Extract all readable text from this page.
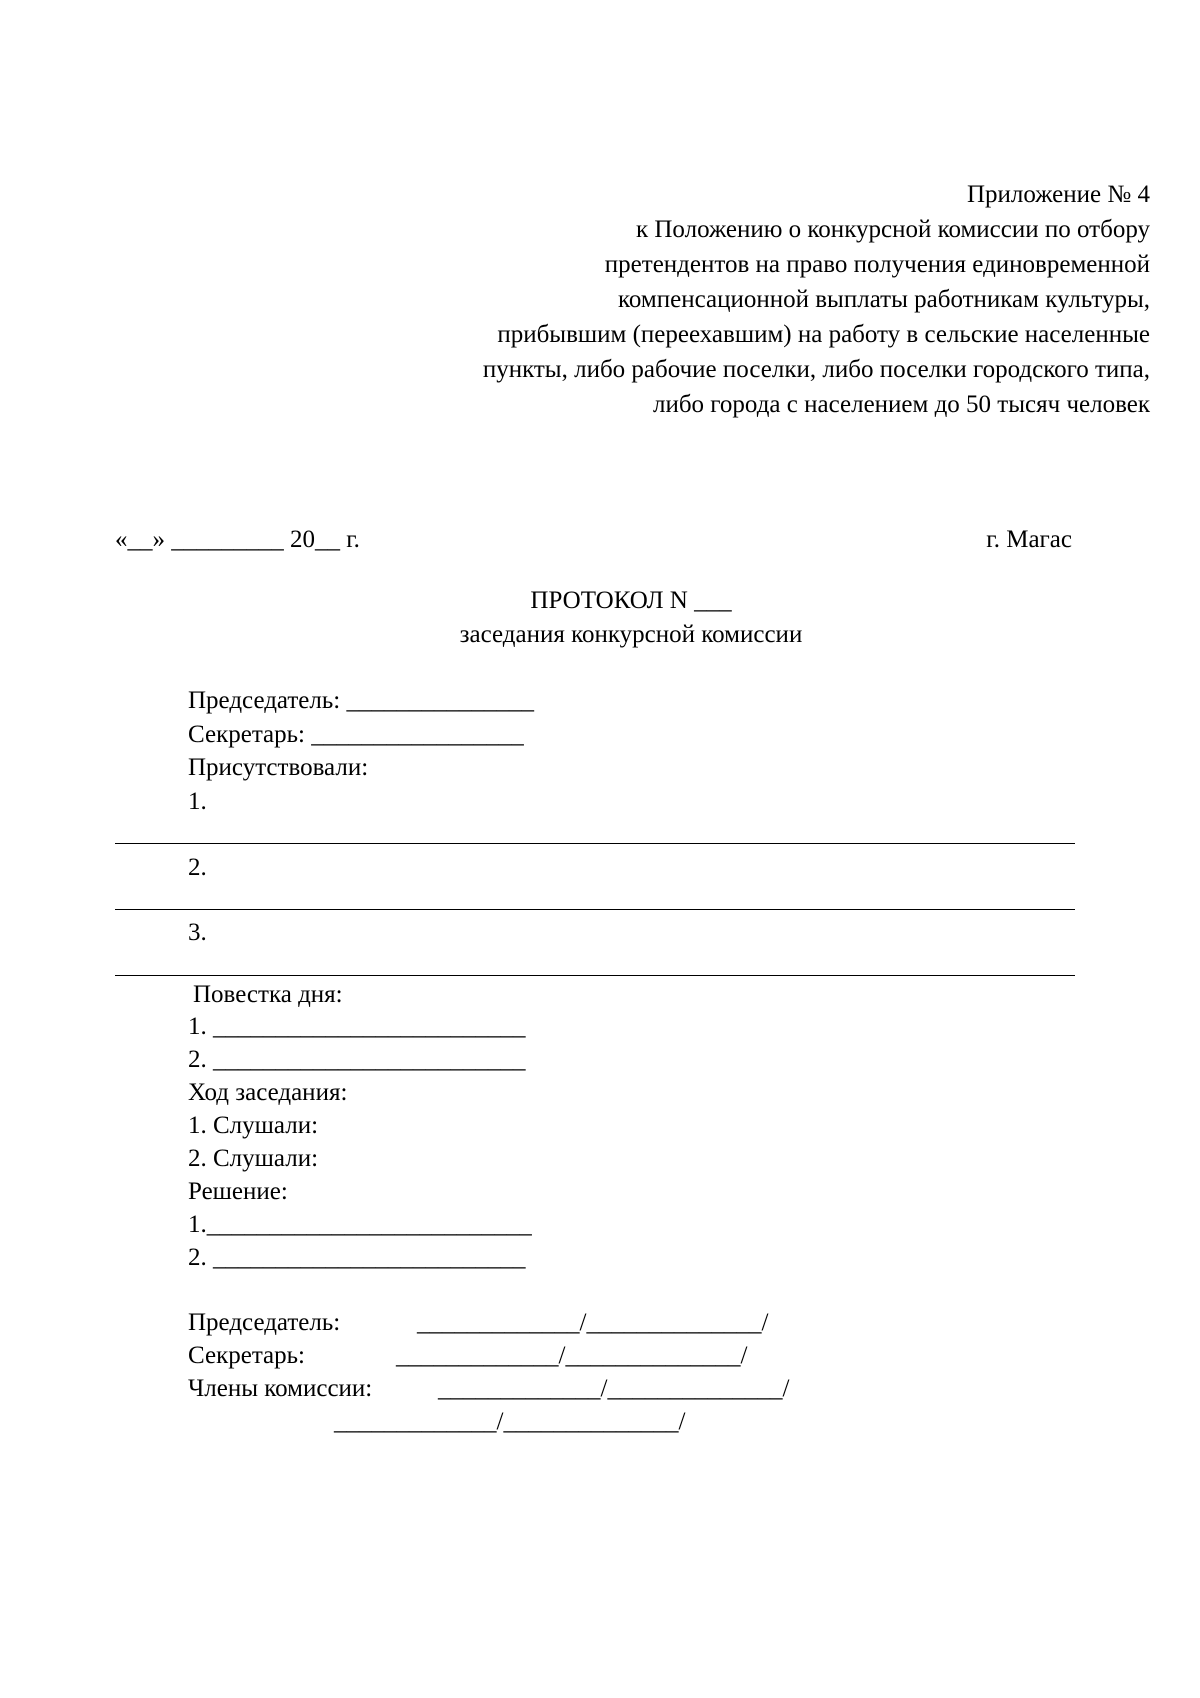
Приложение № 4
к Положению о конкурсной комиссии по отбору
претендентов на право получения единовременной
компенсационной выплаты работникам культуры,
прибывшим (переехавшим) на работу в сельские населенные
пункты, либо рабочие поселки, либо поселки городского типа,
либо города с населением до 50 тысяч человек
«__» _________ 20__ г.	г. Магас
ПРОТОКОЛ N ___
заседания конкурсной комиссии
Председатель: _______________
Секретарь: _________________
Присутствовали:
1.
2.
3.
Повестка дня:
1. _________________________
2. _________________________
Ход заседания:
1. Слушали:
2. Слушали:
Решение:
1.__________________________
2. _________________________
Председатель:	_____________/______________/
Секретарь:	_____________/______________/
Члены комиссии:	_____________/______________/
_____________/______________/
